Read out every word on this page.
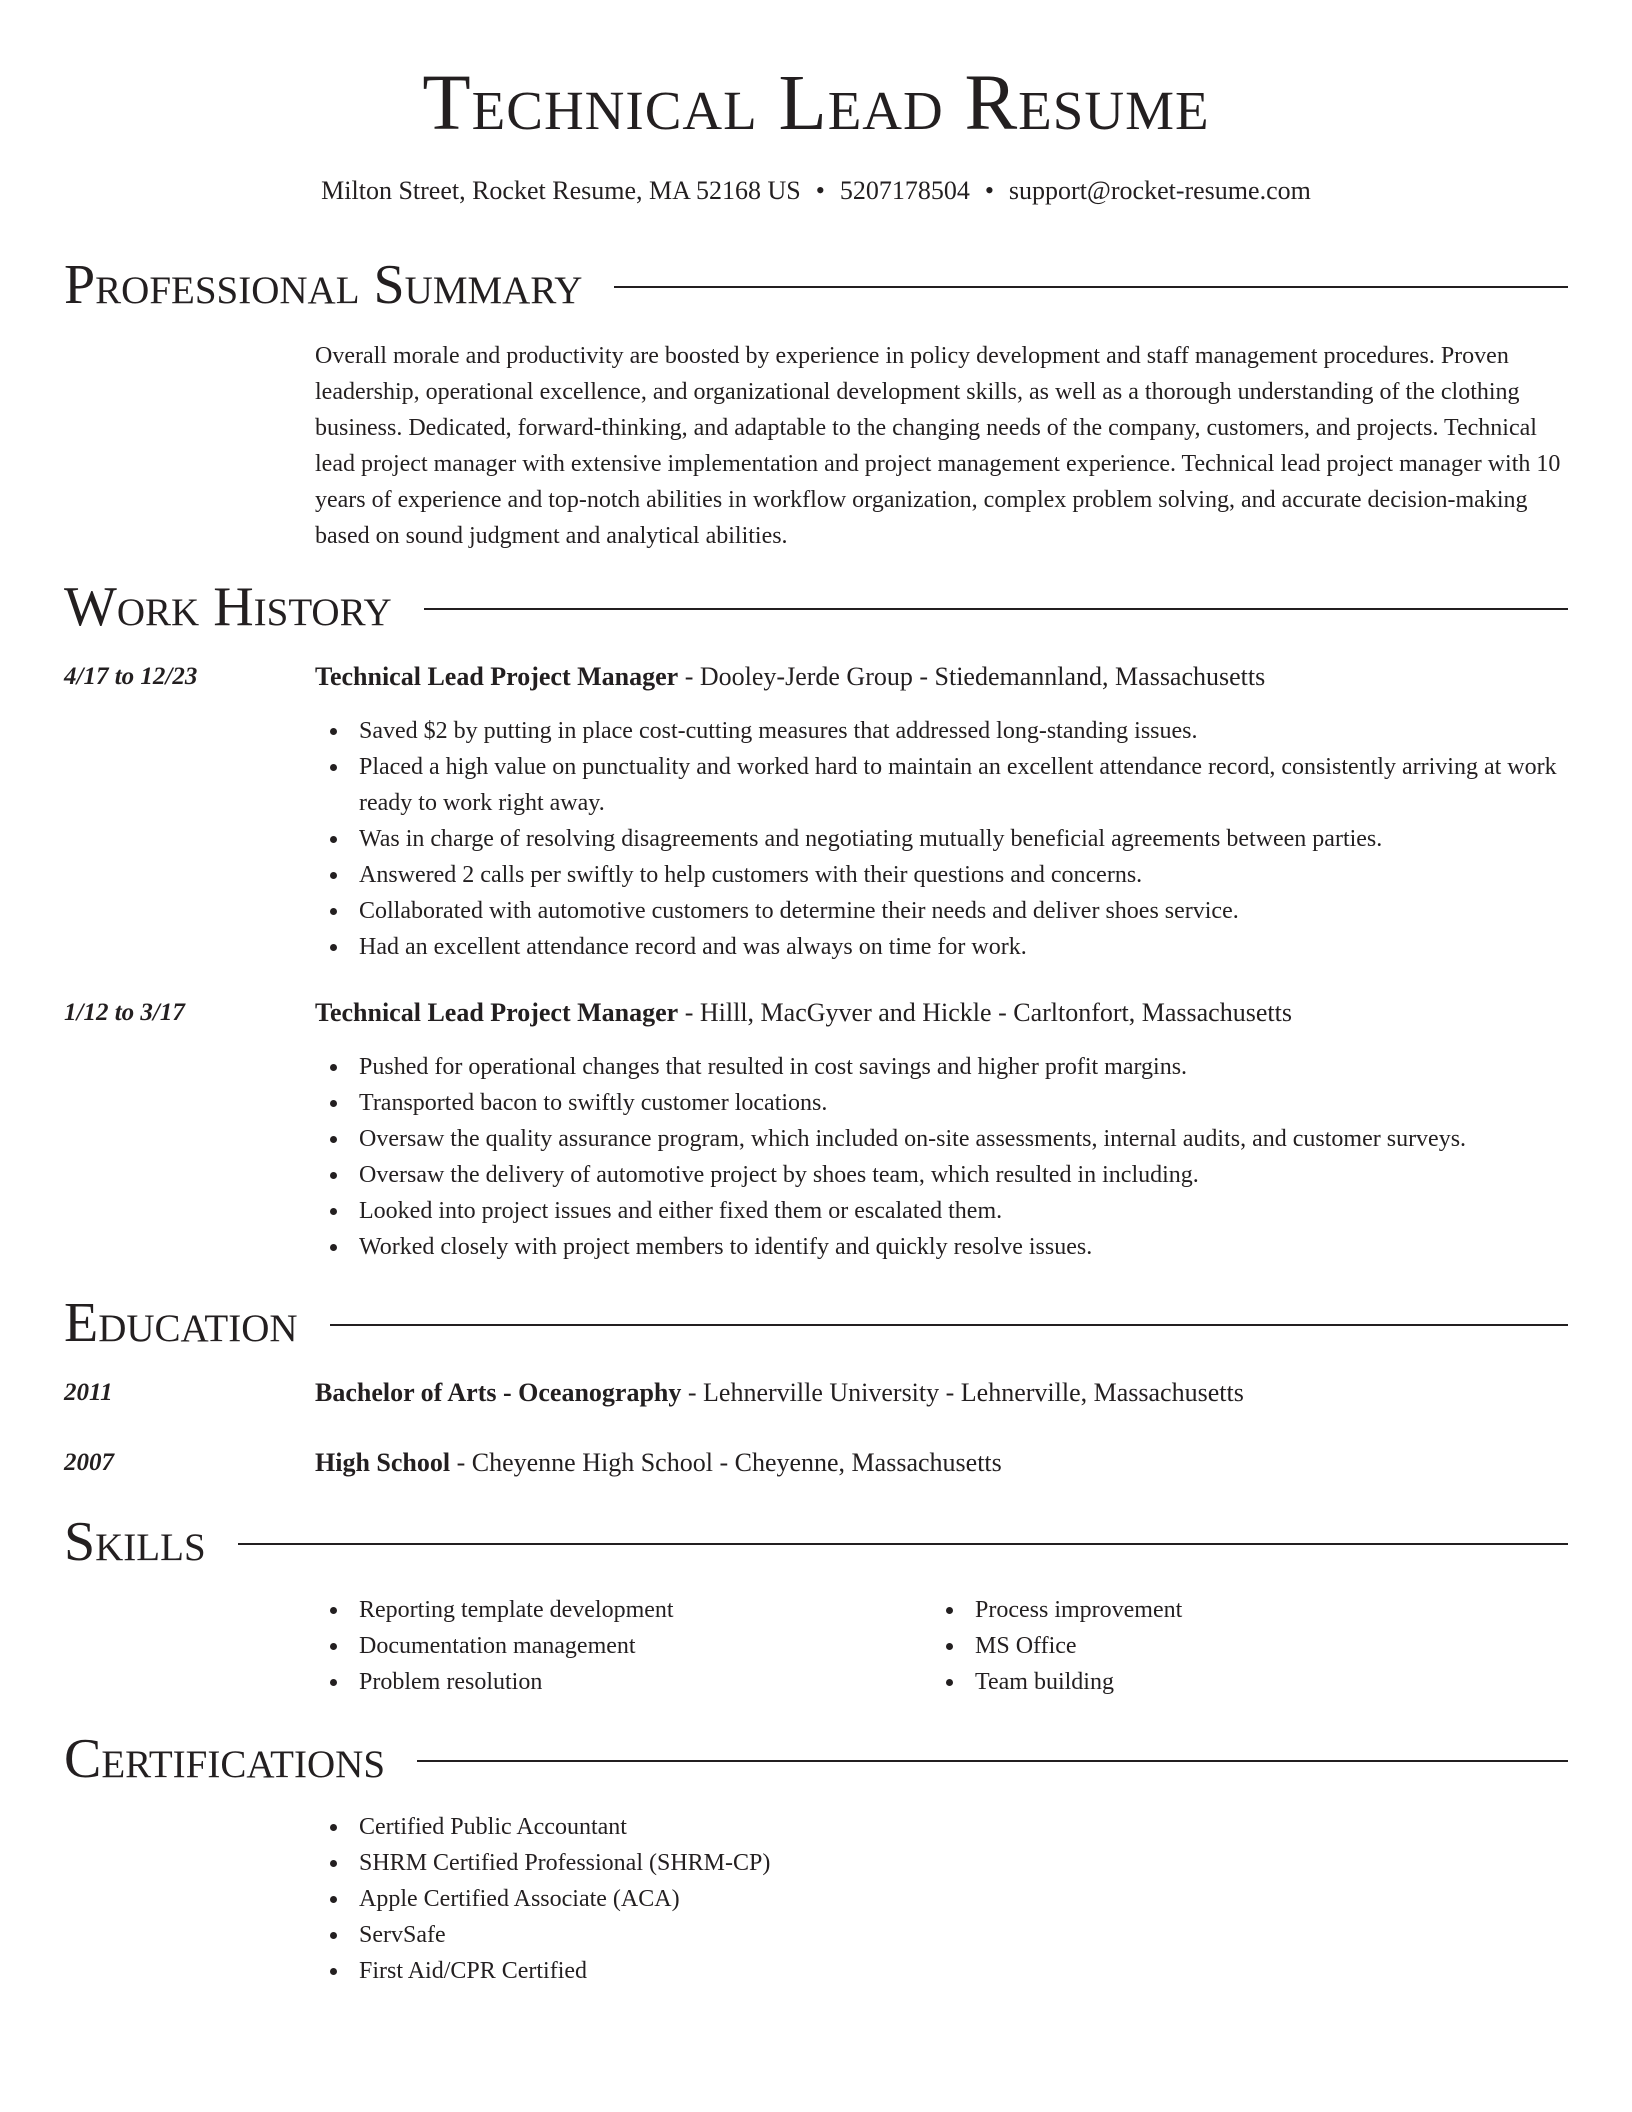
Technical Lead Resume
Milton Street, Rocket Resume, MA 52168 US • 5207178504 • support@rocket-resume.com
Professional Summary
Overall morale and productivity are boosted by experience in policy development and staff management procedures. Proven leadership, operational excellence, and organizational development skills, as well as a thorough understanding of the clothing business. Dedicated, forward-thinking, and adaptable to the changing needs of the company, customers, and projects. Technical lead project manager with extensive implementation and project management experience. Technical lead project manager with 10 years of experience and top-notch abilities in workflow organization, complex problem solving, and accurate decision-making based on sound judgment and analytical abilities.
Work History
4/17 to 12/23	Technical Lead Project Manager - Dooley-Jerde Group - Stiedemannland, Massachusetts
Saved $2 by putting in place cost-cutting measures that addressed long-standing issues.
Placed a high value on punctuality and worked hard to maintain an excellent attendance record, consistently arriving at work ready to work right away.
Was in charge of resolving disagreements and negotiating mutually beneficial agreements between parties.
Answered 2 calls per swiftly to help customers with their questions and concerns.
Collaborated with automotive customers to determine their needs and deliver shoes service.
Had an excellent attendance record and was always on time for work.
1/12 to 3/17	Technical Lead Project Manager - Hilll, MacGyver and Hickle - Carltonfort, Massachusetts
Pushed for operational changes that resulted in cost savings and higher profit margins.
Transported bacon to swiftly customer locations.
Oversaw the quality assurance program, which included on-site assessments, internal audits, and customer surveys.
Oversaw the delivery of automotive project by shoes team, which resulted in including.
Looked into project issues and either fixed them or escalated them.
Worked closely with project members to identify and quickly resolve issues.
Education
2011	Bachelor of Arts - Oceanography - Lehnerville University - Lehnerville, Massachusetts
2007	High School - Cheyenne High School - Cheyenne, Massachusetts
Skills
Reporting template development
Documentation management
Problem resolution
Process improvement
MS Office
Team building
Certifications
Certified Public Accountant
SHRM Certified Professional (SHRM-CP)
Apple Certified Associate (ACA)
ServSafe
First Aid/CPR Certified
